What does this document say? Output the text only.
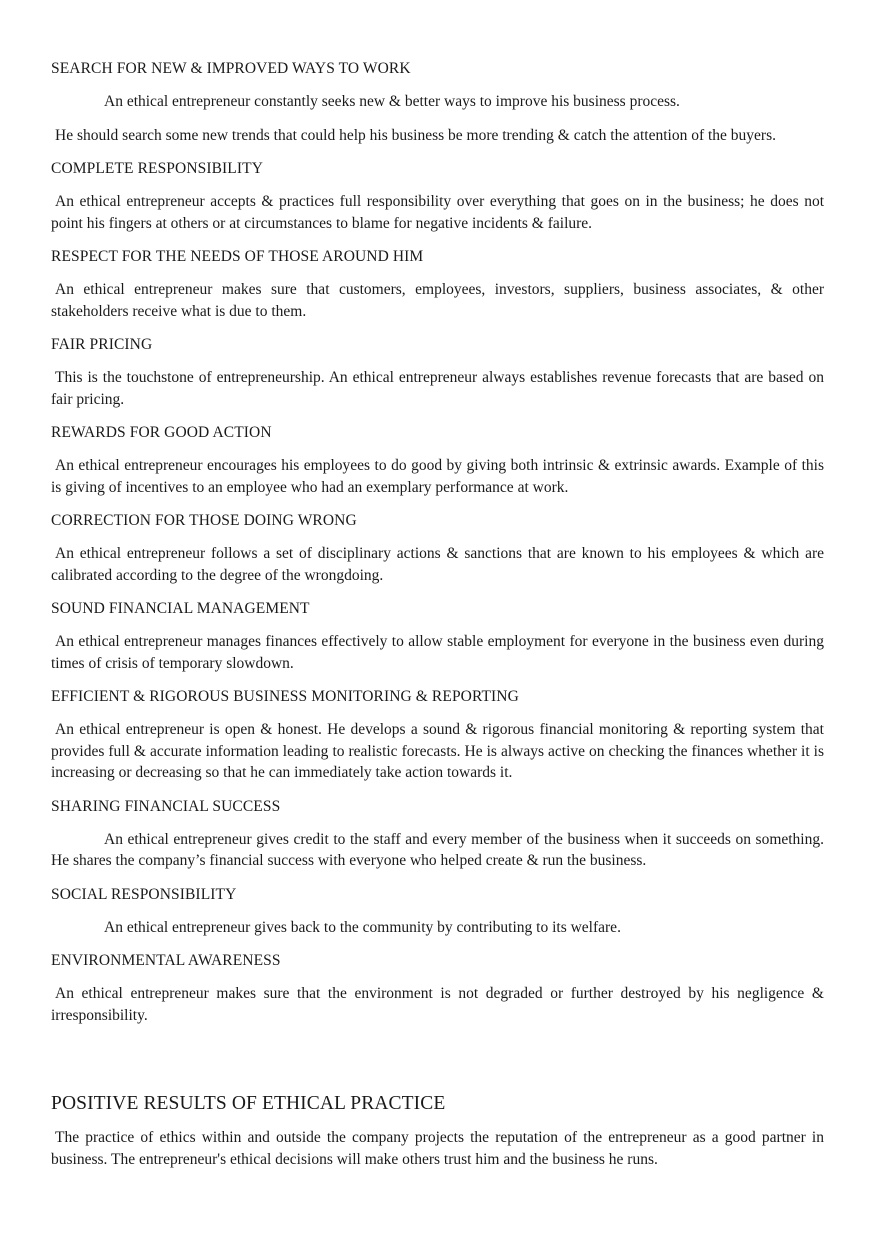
SEARCH FOR NEW & IMPROVED WAYS TO WORK

An ethical entrepreneur constantly seeks new & better ways to improve his business process.

He should search some new trends that could help his business be more trending & catch the attention of the buyers.

COMPLETE RESPONSIBILITY

An ethical entrepreneur accepts & practices full responsibility over everything that goes on in the business; he does not point his fingers at others or at circumstances to blame for negative incidents & failure.

RESPECT FOR THE NEEDS OF THOSE AROUND HIM

An ethical entrepreneur makes sure that customers, employees, investors, suppliers, business associates, & other stakeholders receive what is due to them.

FAIR PRICING

This is the touchstone of entrepreneurship. An ethical entrepreneur always establishes revenue forecasts that are based on fair pricing.

REWARDS FOR GOOD ACTION

An ethical entrepreneur encourages his employees to do good by giving both intrinsic & extrinsic awards. Example of this is giving of incentives to an employee who had an exemplary performance at work.

CORRECTION FOR THOSE DOING WRONG

An ethical entrepreneur follows a set of disciplinary actions & sanctions that are known to his employees & which are calibrated according to the degree of the wrongdoing.

SOUND FINANCIAL MANAGEMENT

An ethical entrepreneur manages finances effectively to allow stable employment for everyone in the business even during times of crisis of temporary slowdown.

EFFICIENT & RIGOROUS BUSINESS MONITORING & REPORTING

An ethical entrepreneur is open & honest. He develops a sound & rigorous financial monitoring & reporting system that provides full & accurate information leading to realistic forecasts. He is always active on checking the finances whether it is increasing or decreasing so that he can immediately take action towards it.

SHARING FINANCIAL SUCCESS

An ethical entrepreneur gives credit to the staff and every member of the business when it succeeds on something. He shares the company’s financial success with everyone who helped create & run the business.

SOCIAL RESPONSIBILITY

An ethical entrepreneur gives back to the community by contributing to its welfare.

ENVIRONMENTAL AWARENESS

An ethical entrepreneur makes sure that the environment is not degraded or further destroyed by his negligence & irresponsibility.

POSITIVE RESULTS OF ETHICAL PRACTICE

The practice of ethics within and outside the company projects the reputation of the entrepreneur as a good partner in business. The entrepreneur's ethical decisions will make others trust him and the business he runs.
